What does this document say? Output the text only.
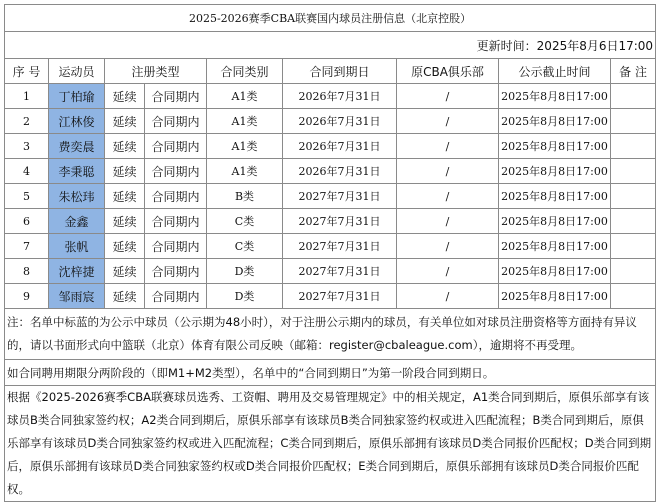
2025-2026赛季CBA联赛国内球员注册信息（北京控股）								
更新时间：2025年8月6日17:00								
序 号	运动员	注册类型		合同类别	合同到期日	原CBA俱乐部	公示截止时间	备 注
1	丁柏瑜	延续	合同期内	A1类	2026年7月31日	/	2025年8月8日17:00	
2	江林俊	延续	合同期内	A1类	2026年7月31日	/	2025年8月8日17:00	
3	费奕晨	延续	合同期内	A1类	2026年7月31日	/	2025年8月8日17:00	
4	李秉聪	延续	合同期内	A1类	2026年7月31日	/	2025年8月8日17:00	
5	朱松玮	延续	合同期内	B类	2027年7月31日	/	2025年8月8日17:00	
6	金鑫	延续	合同期内	C类	2027年7月31日	/	2025年8月8日17:00	
7	张帆	延续	合同期内	C类	2027年7月31日	/	2025年8月8日17:00	
8	沈梓捷	延续	合同期内	D类	2027年7月31日	/	2025年8月8日17:00	
9	邹雨宸	延续	合同期内	D类	2027年7月31日	/	2025年8月8日17:00	
注：名单中标蓝的为公示中球员（公示期为48小时），对于注册公示期内的球员，有关单位如对球员注册资格等方面持有异议的，请以书面形式向中篮联（北京）体育有限公司反映（邮箱：register@cbaleague.com），逾期将不再受理。								
如合同聘用期限分两阶段的（即M1+M2类型），名单中的“合同到期日”为第一阶段合同到期日。								
根据《2025-2026赛季CBA联赛球员选秀、工资帽、聘用及交易管理规定》中的相关规定，A1类合同到期后，原俱乐部享有该球员B类合同独家签约权；A2类合同到期后，原俱乐部享有该球员B类合同独家签约权或进入匹配流程；B类合同到期后，原俱乐部享有该球员D类合同独家签约权或进入匹配流程；C类合同到期后，原俱乐部拥有该球员D类合同报价匹配权；D类合同到期后，原俱乐部拥有该球员D类合同独家签约权或D类合同报价匹配权；E类合同到期后，原俱乐部拥有该球员D类合同报价匹配权。								
